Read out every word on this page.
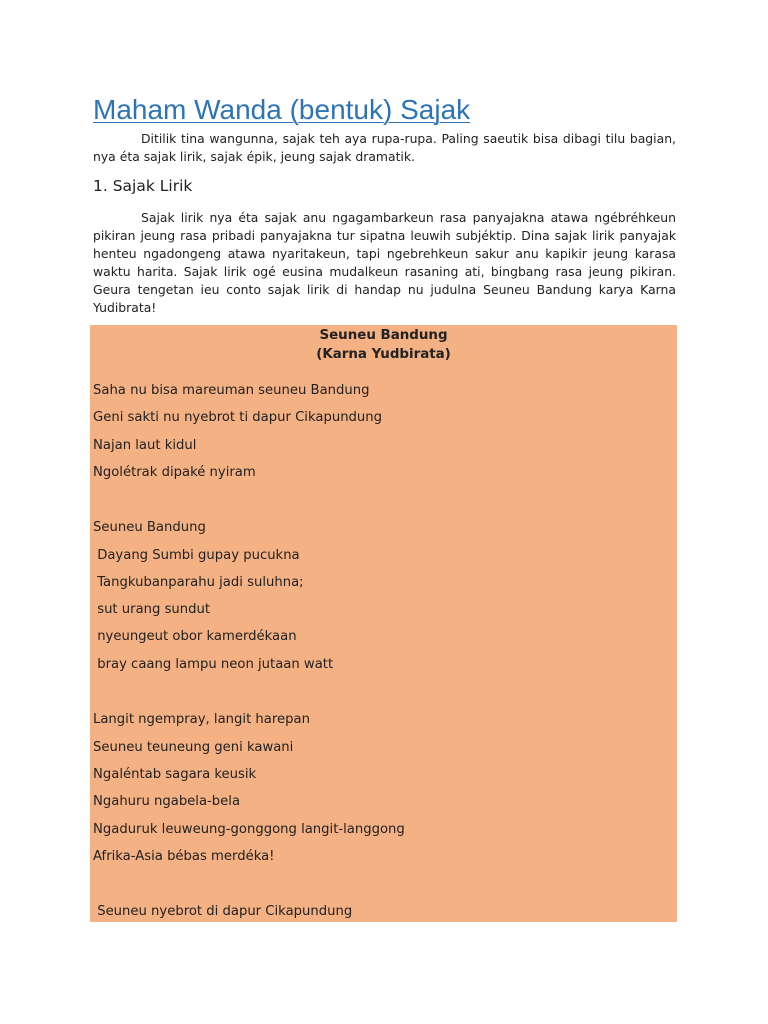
Maham Wanda (bentuk) Sajak

Ditilik tina wangunna, sajak teh aya rupa-rupa. Paling saeutik bisa dibagi tilu bagian, nya éta sajak lirik, sajak épik, jeung sajak dramatik.

1. Sajak Lirik

Sajak lirik nya éta sajak anu ngagambarkeun rasa panyajakna atawa ngébréhkeun pikiran jeung rasa pribadi panyajakna tur sipatna leuwih subjéktip. Dina sajak lirik panyajak henteu ngadongeng atawa nyaritakeun, tapi ngebrehkeun sakur anu kapikir jeung karasa waktu harita. Sajak lirik ogé eusina mudalkeun rasaning ati, bingbang rasa jeung pikiran. Geura tengetan ieu conto sajak lirik di handap nu judulna Seuneu Bandung karya Karna Yudibrata!

Seuneu Bandung

(Karna Yudbirata)

Saha nu bisa mareuman seuneu Bandung

Geni sakti nu nyebrot ti dapur Cikapundung

Najan laut kidul

Ngolétrak dipaké nyiram

Seuneu Bandung

Dayang Sumbi gupay pucukna

Tangkubanparahu jadi suluhna;

sut urang sundut

nyeungeut obor kamerdékaan

bray caang lampu neon jutaan watt

Langit ngempray, langit harepan

Seuneu teuneung geni kawani

Ngaléntab sagara keusik

Ngahuru ngabela-bela

Ngaduruk leuweung-gonggong langit-langgong

Afrika-Asia bébas merdéka!

Seuneu nyebrot di dapur Cikapundung
